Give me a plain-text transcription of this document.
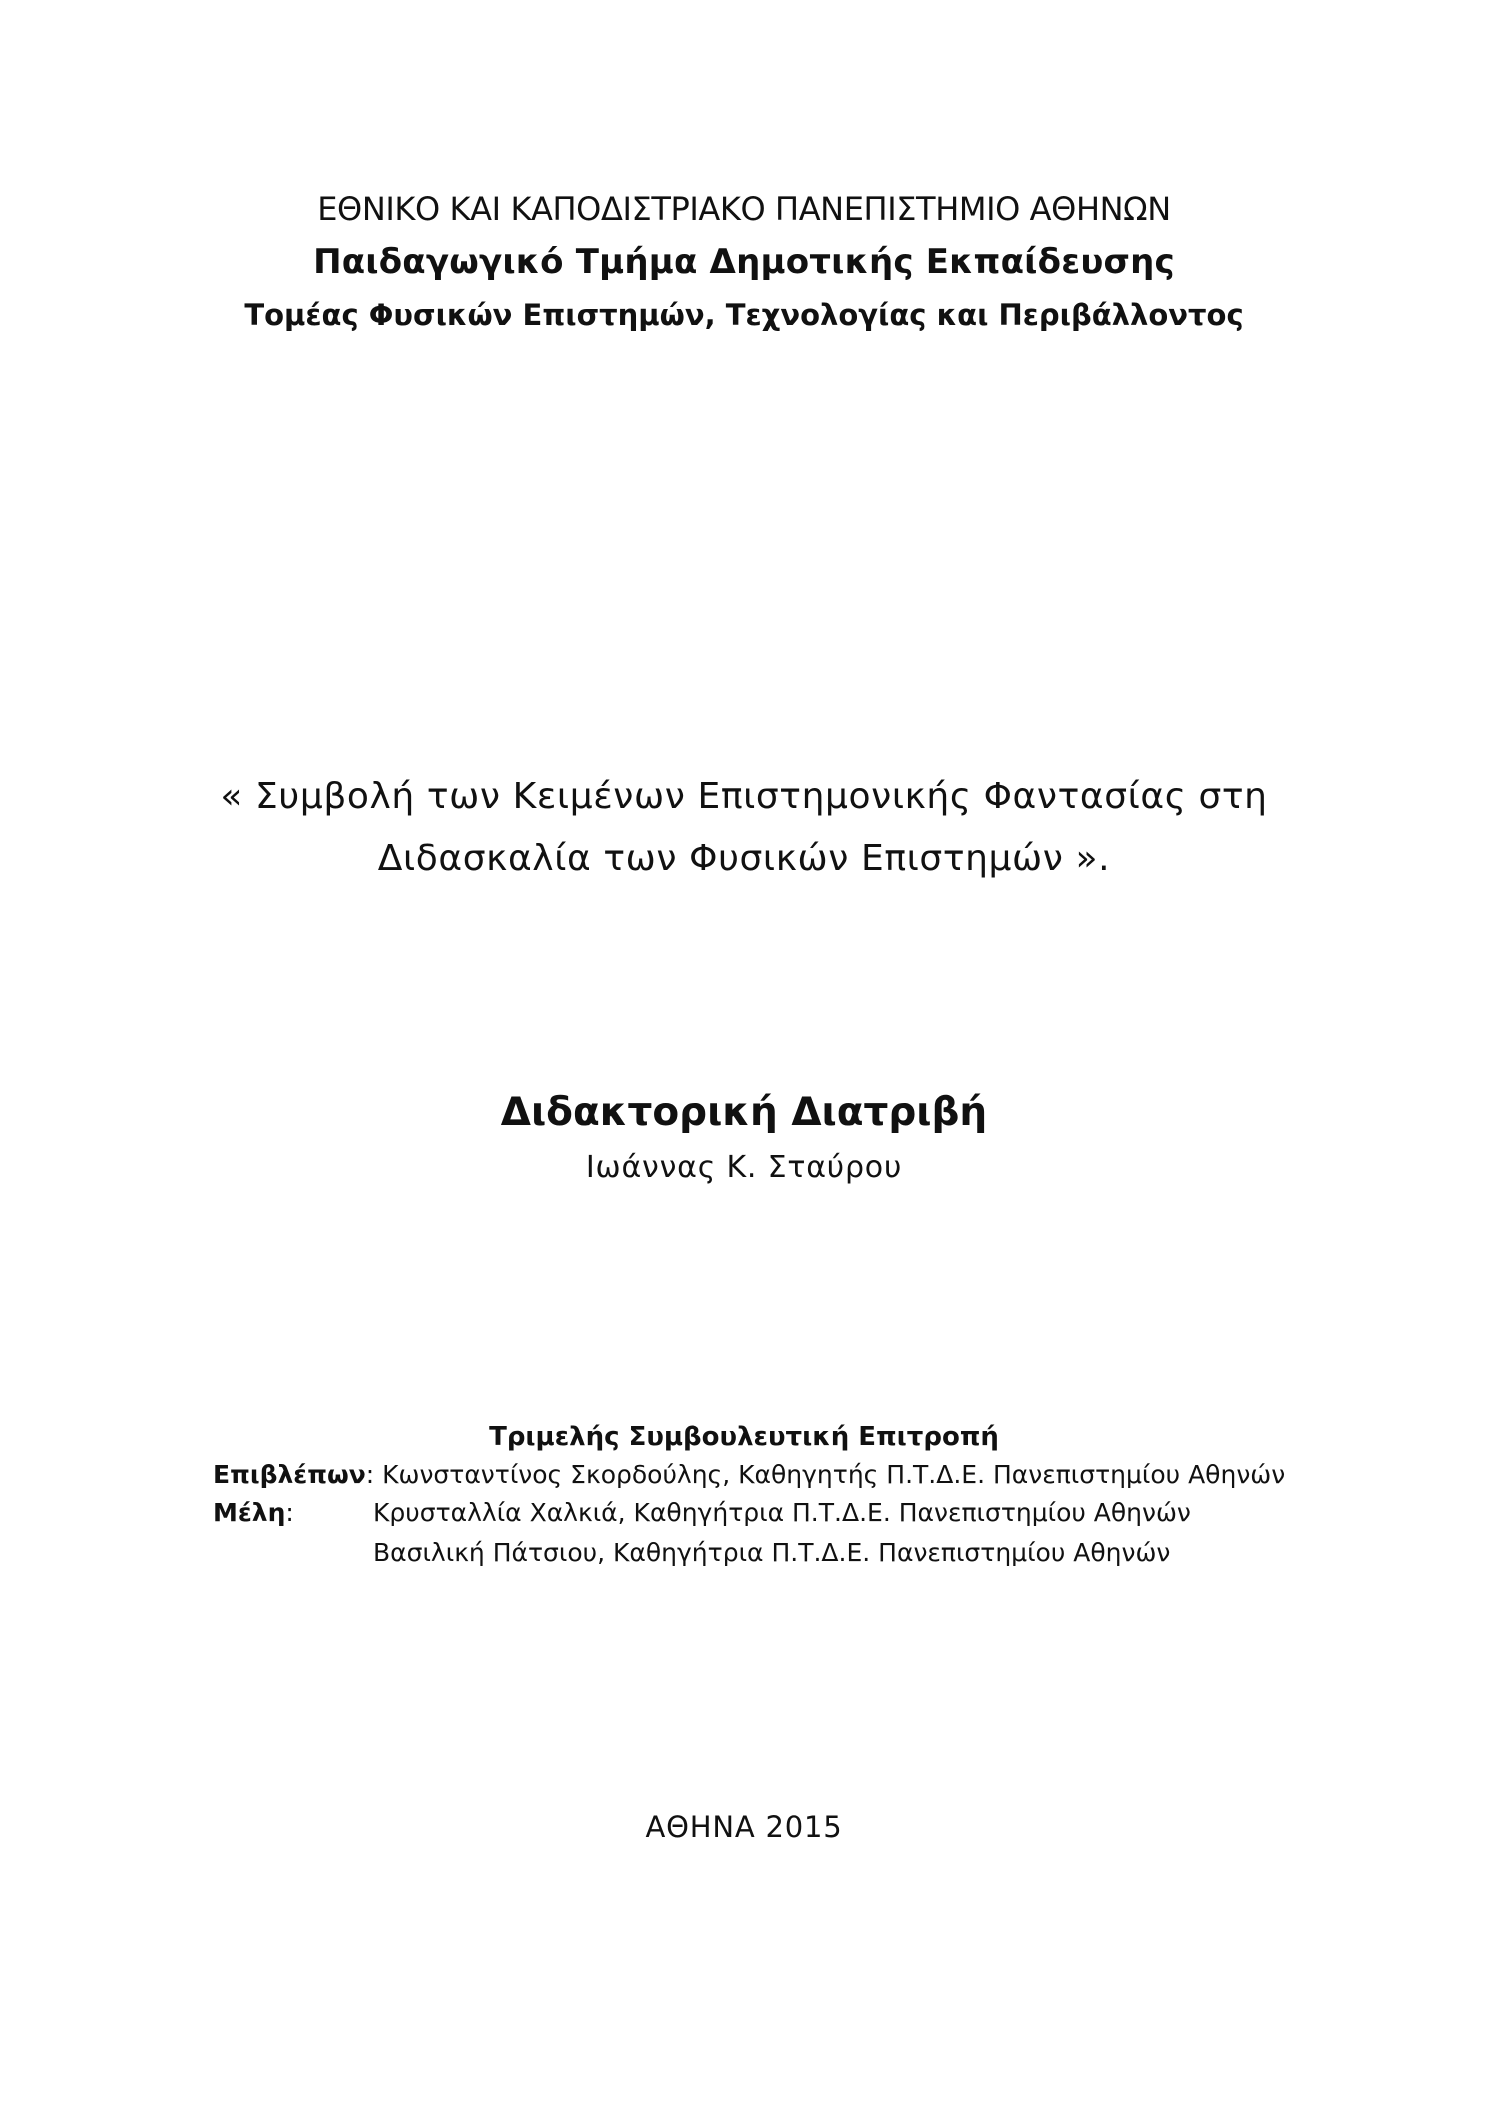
ΕΘΝΙΚΟ ΚΑΙ ΚΑΠΟΔΙΣΤΡΙΑΚΟ ΠΑΝΕΠΙΣΤΗΜΙΟ ΑΘΗΝΩΝ
Παιδαγωγικό Τμήμα Δημοτικής Εκπαίδευσης
Τομέας Φυσικών Επιστημών, Τεχνολογίας και Περιβάλλοντος
« Συμβολή των Κειμένων Επιστημονικής Φαντασίας στη
Διδασκαλία των Φυσικών Επιστημών ».
Διδακτορική Διατριβή
Ιωάννας Κ. Σταύρου
Τριμελής Συμβουλευτική Επιτροπή
Επιβλέπων: Κωνσταντίνος Σκορδούλης, Καθηγητής Π.Τ.Δ.Ε. Πανεπιστημίου Αθηνών
Μέλη:	Κρυσταλλία Χαλκιά, Καθηγήτρια Π.Τ.Δ.Ε. Πανεπιστημίου Αθηνών
Βασιλική Πάτσιου, Καθηγήτρια Π.Τ.Δ.Ε. Πανεπιστημίου Αθηνών
ΑΘΗΝΑ 2015
